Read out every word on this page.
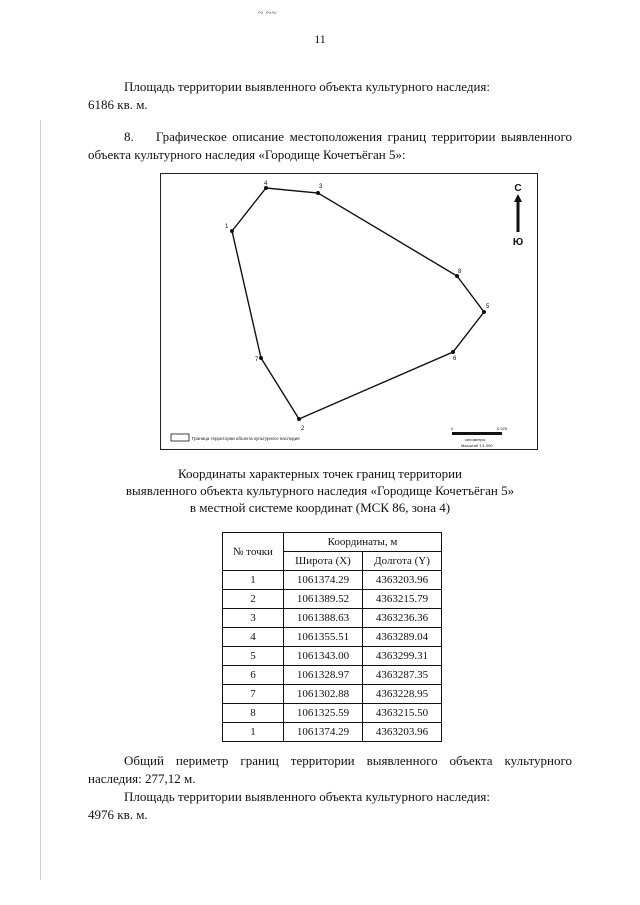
~ ~~
11
Площадь территории выявленного объекта культурного наследия:
6186 кв. м.
8. Графическое описание местоположения границ территории выявленного объекта культурного наследия «Городище Кочетъёган 5»:
1
2
3
4
5
6
7
8
С
Ю
Граница территории объекта культурного наследия
0	0.025
километры
Масштаб 1:1 000
Координаты характерных точек границ территории
выявленного объекта культурного наследия «Городище Кочетъёган 5»
в местной системе координат (МСК 86, зона 4)
№ точки	Координаты, м	
	Широта (X)	Долгота (Y)
1	1061374.29	4363203.96
2	1061389.52	4363215.79
3	1061388.63	4363236.36
4	1061355.51	4363289.04
5	1061343.00	4363299.31
6	1061328.97	4363287.35
7	1061302.88	4363228.95
8	1061325.59	4363215.50
1	1061374.29	4363203.96
Общий периметр границ территории выявленного объекта культурного наследия: 277,12 м.
Площадь территории выявленного объекта культурного наследия:
4976 кв. м.
